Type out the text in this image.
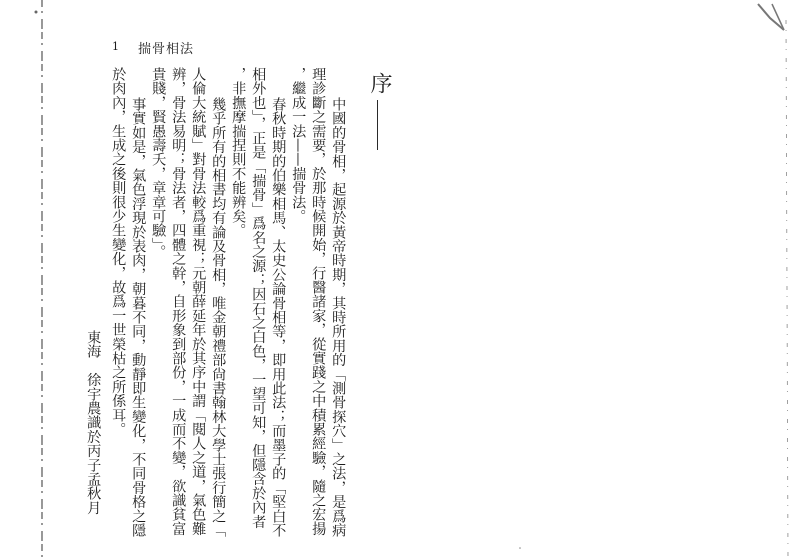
1 揣骨相法
序
中國的骨相，起源於黃帝時期，其時所用的「測骨探穴」之法，是爲病
理診斷之需要，於那時候開始，行醫諸家，從實踐之中積累經驗，隨之宏揚
，繼成一法——揣骨法。
春秋時期的伯樂相馬、太史公論骨相等，即用此法；而墨子的「堅白不
相外也」，正是「揣骨」爲名之源；因石之白色，一望可知，但隱含於內者
，非撫摩揣捏則不能辨矣。
幾乎所有的相書均有論及骨相，唯金朝禮部尙書翰林大學士張行簡之「
人倫大統賦」對骨法較爲重視；元朝薛延年於其序中謂「閱人之道，氣色難
辨，骨法易明；骨法者，四體之幹，自形象到部份，一成而不變，欲識貧富
貴賤，賢愚壽夭，章章可驗」。
事實如是，氣色浮現於表肉，朝暮不同，動靜即生變化，不同骨格之隱
於肉內，生成之後則很少生變化，故爲一世榮枯之所係耳。
東海　徐宇農識於丙子孟秋月
